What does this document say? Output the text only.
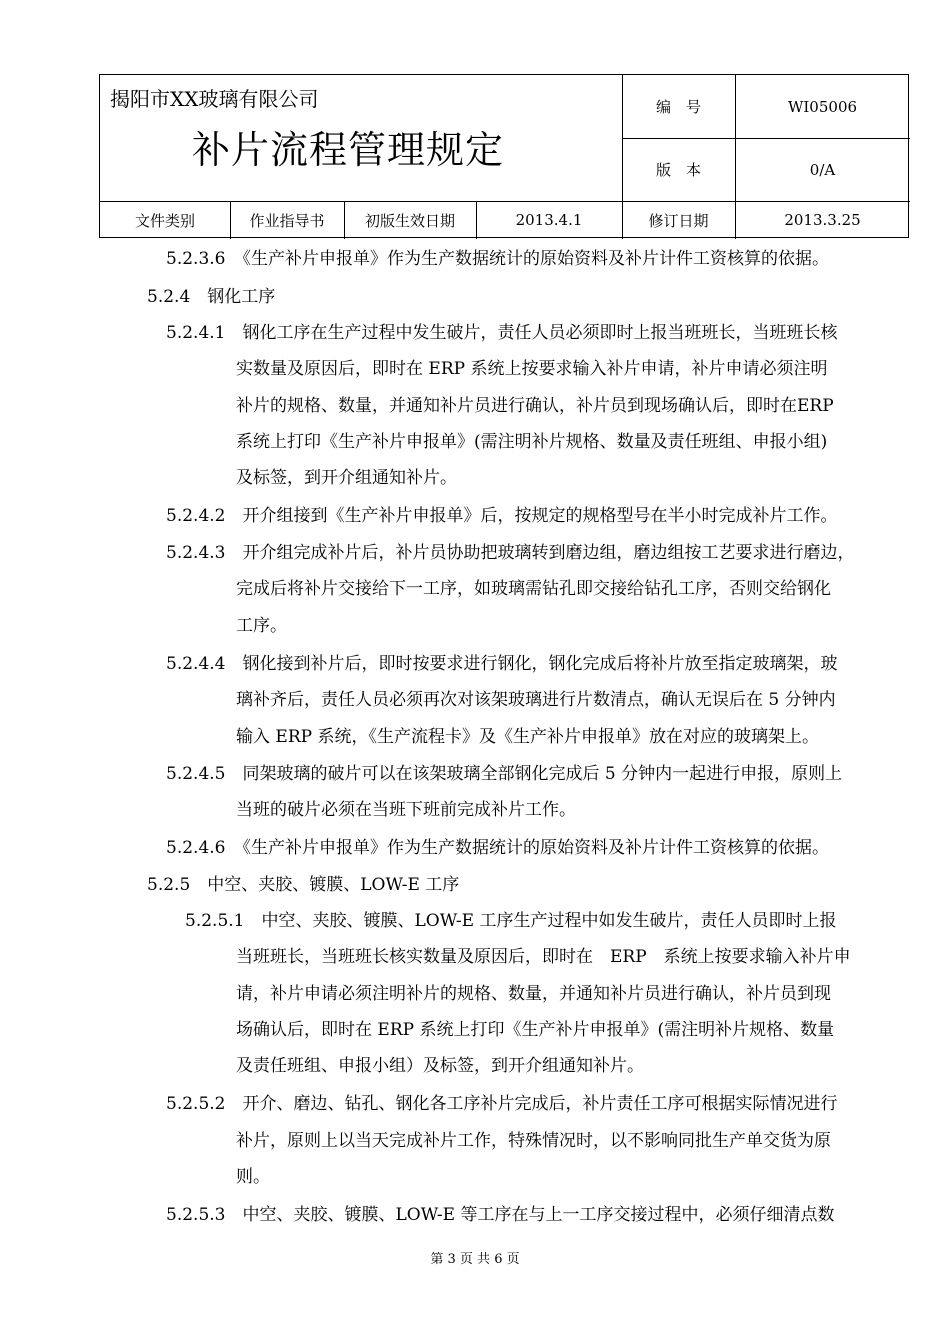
揭阳市XX玻璃有限公司
补片流程管理规定
编　号	WI05006
版　本	0/A
文件类别	作业指导书	初版生效日期	2013.4.1	修订日期	2013.3.25
5.2.3.6　《生产补片申报单》作为生产数据统计的原始资料及补片计件工资核算的依据。
5.2.4　钢化工序
5.2.4.1　钢化工序在生产过程中发生破片，责任人员必须即时上报当班班长，当班班长核
实数量及原因后，即时在 ERP 系统上按要求输入补片申请，补片申请必须注明
补片的规格、数量，并通知补片员进行确认，补片员到现场确认后，即时在ERP
系统上打印《生产补片申报单》(需注明补片规格、数量及责任班组、申报小组)
及标签，到开介组通知补片。
5.2.4.2　开介组接到《生产补片申报单》后，按规定的规格型号在半小时完成补片工作。
5.2.4.3　开介组完成补片后，补片员协助把玻璃转到磨边组，磨边组按工艺要求进行磨边，
完成后将补片交接给下一工序，如玻璃需钻孔即交接给钻孔工序，否则交给钢化
工序。
5.2.4.4　钢化接到补片后，即时按要求进行钢化，钢化完成后将补片放至指定玻璃架，玻
璃补齐后，责任人员必须再次对该架玻璃进行片数清点，确认无误后在 5 分钟内
输入 ERP 系统，《生产流程卡》及《生产补片申报单》放在对应的玻璃架上。
5.2.4.5　同架玻璃的破片可以在该架玻璃全部钢化完成后 5 分钟内一起进行申报，原则上
当班的破片必须在当班下班前完成补片工作。
5.2.4.6　《生产补片申报单》作为生产数据统计的原始资料及补片计件工资核算的依据。
5.2.5　中空、夹胶、镀膜、LOW-E 工序
5.2.5.1　中空、夹胶、镀膜、LOW-E 工序生产过程中如发生破片，责任人员即时上报
当班班长，当班班长核实数量及原因后，即时在　ERP　系统上按要求输入补片申
请，补片申请必须注明补片的规格、数量，并通知补片员进行确认，补片员到现
场确认后，即时在 ERP 系统上打印《生产补片申报单》(需注明补片规格、数量
及责任班组、申报小组）及标签，到开介组通知补片。
5.2.5.2　开介、磨边、钻孔、钢化各工序补片完成后，补片责任工序可根据实际情况进行
补片，原则上以当天完成补片工作，特殊情况时，以不影响同批生产单交货为原
则。
5.2.5.3　中空、夹胶、镀膜、LOW-E 等工序在与上一工序交接过程中，必须仔细清点数
第 3 页 共 6 页
